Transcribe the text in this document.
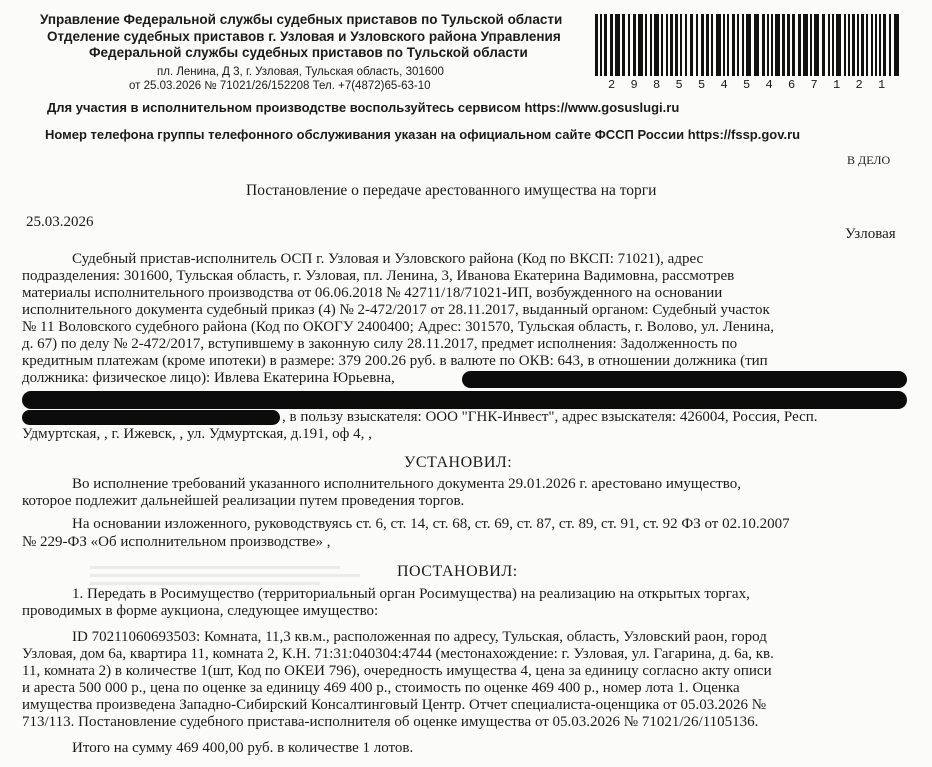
Управление Федеральной службы судебных приставов по Тульской области
Отделение судебных приставов г. Узловая и Узловского района Управления
Федеральной службы судебных приставов по Тульской области
пл. Ленина, Д 3, г. Узловая, Тульская область, 301600
от 25.03.2026 № 71021/26/152208 Тел. +7(4872)65-63-10	2 9 8 5 5 4 5 4 6 7 1 2 1
Для участия в исполнительном производстве воспользуйтесь сервисом https://www.gosuslugi.ru
Номер телефона группы телефонного обслуживания указан на официальном сайте ФССП России https://fssp.gov.ru
В ДЕЛО
Постановление о передаче арестованного имущества на торги
25.03.2026
Узловая
Судебный пристав-исполнитель ОСП г. Узловая и Узловского района (Код по ВКСП: 71021), адрес
подразделения: 301600, Тульская область, г. Узловая, пл. Ленина, 3, Иванова Екатерина Вадимовна, рассмотрев
материалы исполнительного производства от 06.06.2018 № 42711/18/71021-ИП, возбужденного на основании
исполнительного документа судебный приказ (4) № 2-472/2017 от 28.11.2017, выданный органом: Судебный участок
№ 11 Воловского судебного района (Код по ОКОГУ 2400400; Адрес: 301570, Тульская область, г. Волово, ул. Ленина,
д. 67) по делу № 2-472/2017, вступившему в законную силу 28.11.2017, предмет исполнения: Задолженность по
кредитным платежам (кроме ипотеки) в размере: 379 200.26 руб. в валюте по ОКВ: 643, в отношении должника (тип
должника: физическое лицо): Ивлева Екатерина Юрьевна,
, в пользу взыскателя: ООО "ГНК-Инвест", адрес взыскателя: 426004, Россия, Респ.
Удмуртская, , г. Ижевск, , ул. Удмуртская, д.191, оф 4, ,
УСТАНОВИЛ:
Во исполнение требований указанного исполнительного документа 29.01.2026 г. арестовано имущество,
которое подлежит дальнейшей реализации путем проведения торгов.
На основании изложенного, руководствуясь ст. 6, ст. 14, ст. 68, ст. 69, ст. 87, ст. 89, ст. 91, ст. 92 ФЗ от 02.10.2007
№ 229-ФЗ «Об исполнительном производстве» ,
ПОСТАНОВИЛ:
1. Передать в Росимущество (территориальный орган Росимущества) на реализацию на открытых торгах,
проводимых в форме аукциона, следующее имущество:
ID 70211060693503: Комната, 11,3 кв.м., расположенная по адресу, Тульская, область, Узловский раон, город
Узловая, дом 6а, квартира 11, комната 2, К.Н. 71:31:040304:4744 (местонахождение: г. Узловая, ул. Гагарина, д. 6а, кв.
11, комната 2) в количестве 1(шт, Код по ОКЕИ 796), очередность имущества 4, цена за единицу согласно акту описи
и ареста 500 000 р., цена по оценке за единицу 469 400 р., стоимость по оценке 469 400 р., номер лота 1. Оценка
имущества произведена Западно-Сибирский Консалтинговый Центр. Отчет специалиста-оценщика от 05.03.2026 №
713/113. Постановление судебного пристава-исполнителя об оценке имущества от 05.03.2026 № 71021/26/1105136.
Итого на сумму 469 400,00 руб. в количестве 1 лотов.
